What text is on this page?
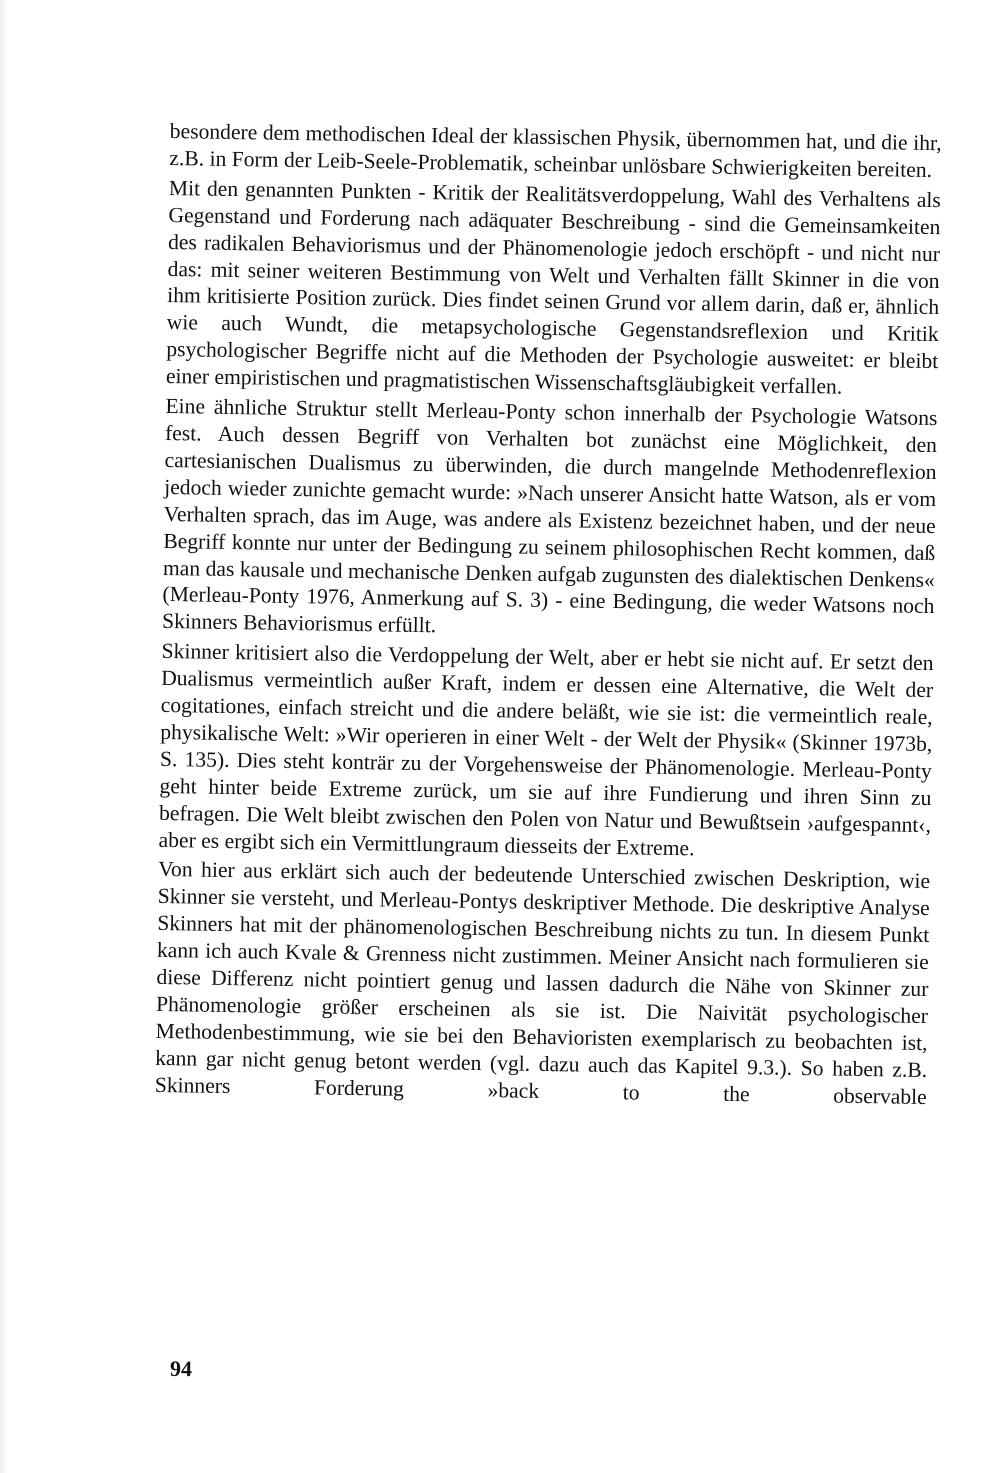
besondere dem methodischen Ideal der klassischen Physik, übernommen hat, und die ihr, z.B. in Form der Leib-Seele-Problematik, scheinbar unlösbare Schwierigkeiten bereiten.

Mit den genannten Punkten - Kritik der Realitätsverdoppelung, Wahl des Verhaltens als Gegenstand und Forderung nach adäquater Beschreibung - sind die Gemeinsamkeiten des radikalen Behaviorismus und der Phänomenologie jedoch erschöpft - und nicht nur das: mit seiner weiteren Bestimmung von Welt und Verhalten fällt Skinner in die von ihm kritisierte Position zurück. Dies findet seinen Grund vor allem darin, daß er, ähnlich wie auch Wundt, die metapsychologische Gegenstandsreflexion und Kritik psychologischer Begriffe nicht auf die Methoden der Psychologie ausweitet: er bleibt einer empiristischen und pragmatistischen Wissenschaftsgläubigkeit verfallen.

Eine ähnliche Struktur stellt Merleau-Ponty schon innerhalb der Psychologie Watsons fest. Auch dessen Begriff von Verhalten bot zunächst eine Möglichkeit, den cartesianischen Dualismus zu überwinden, die durch mangelnde Methodenreflexion jedoch wieder zunichte gemacht wurde: »Nach unserer Ansicht hatte Watson, als er vom Verhalten sprach, das im Auge, was andere als Existenz bezeichnet haben, und der neue Begriff konnte nur unter der Bedingung zu seinem philosophischen Recht kommen, daß man das kausale und mechanische Denken aufgab zugunsten des dialektischen Denkens« (Merleau-Ponty 1976, Anmerkung auf S. 3) - eine Bedingung, die weder Watsons noch Skinners Behaviorismus erfüllt.

Skinner kritisiert also die Verdoppelung der Welt, aber er hebt sie nicht auf. Er setzt den Dualismus vermeintlich außer Kraft, indem er dessen eine Alternative, die Welt der cogitationes, einfach streicht und die andere beläßt, wie sie ist: die vermeintlich reale, physikalische Welt: »Wir operieren in einer Welt - der Welt der Physik« (Skinner 1973b, S. 135). Dies steht konträr zu der Vorgehensweise der Phänomenologie. Merleau-Ponty geht hinter beide Extreme zurück, um sie auf ihre Fundierung und ihren Sinn zu befragen. Die Welt bleibt zwischen den Polen von Natur und Bewußtsein ›aufgespannt‹, aber es ergibt sich ein Vermittlungraum diesseits der Extreme.

Von hier aus erklärt sich auch der bedeutende Unterschied zwischen Deskription, wie Skinner sie versteht, und Merleau-Pontys deskriptiver Methode. Die deskriptive Analyse Skinners hat mit der phänomenologischen Beschreibung nichts zu tun. In diesem Punkt kann ich auch Kvale & Grenness nicht zustimmen. Meiner Ansicht nach formulieren sie diese Differenz nicht pointiert genug und lassen dadurch die Nähe von Skinner zur Phänomenologie größer erscheinen als sie ist. Die Naivität psychologischer Methodenbestimmung, wie sie bei den Behavioristen exemplarisch zu beobachten ist, kann gar nicht genug betont werden (vgl. dazu auch das Kapitel 9.3.). So haben z.B. Skinners Forderung »back to the observable

94
